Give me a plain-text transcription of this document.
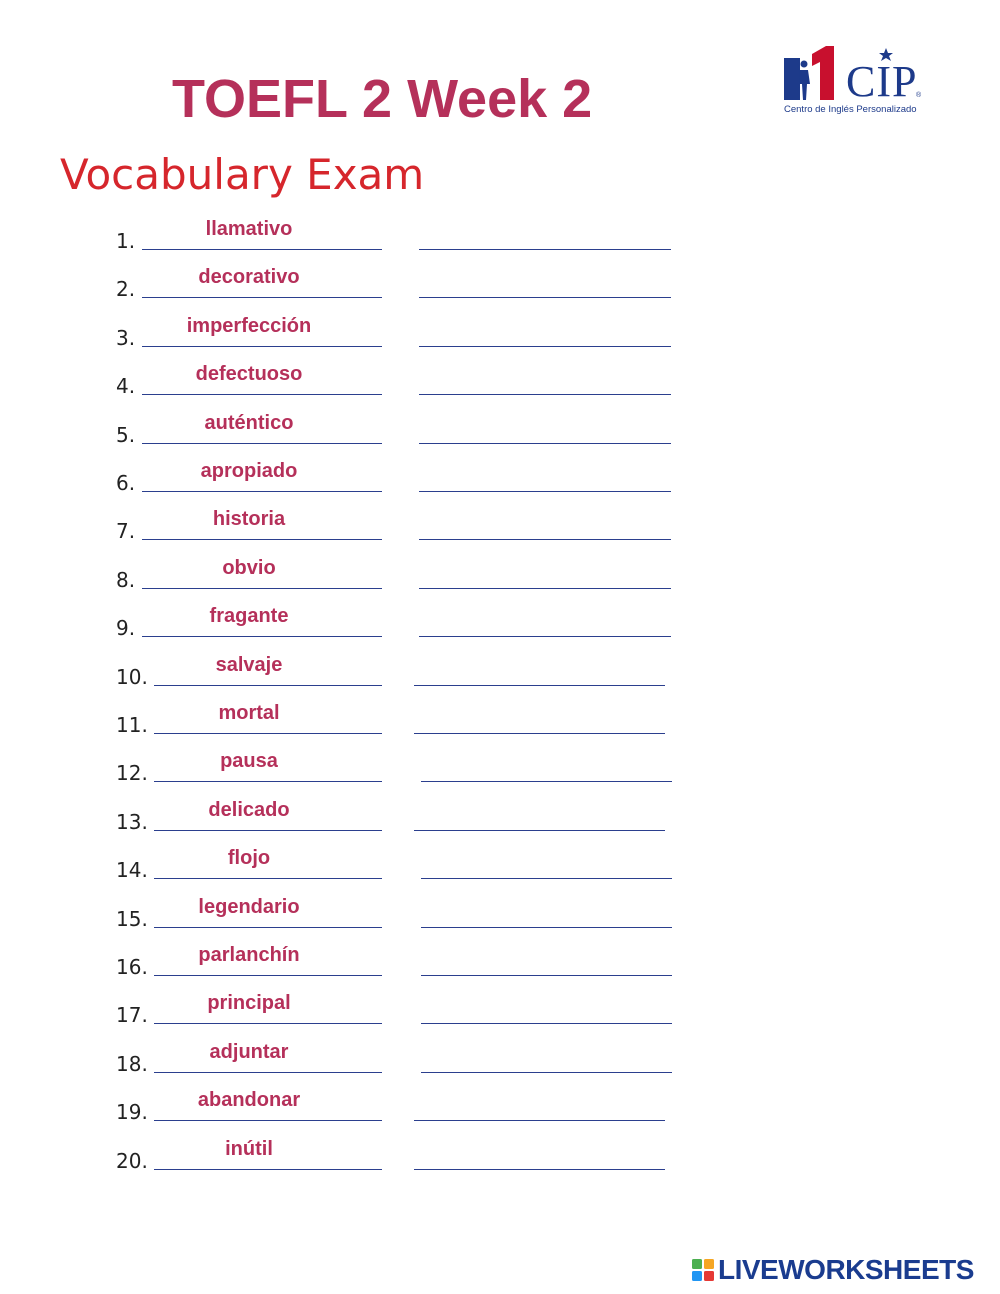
TOEFL 2 Week 2
Vocabulary Exam
CIP
®
Centro de Inglés Personalizado
1.	llamativo
2.	decorativo
3.	imperfección
4.	defectuoso
5.	auténtico
6.	apropiado
7.	historia
8.	obvio
9.	fragante
10.	salvaje
11.	mortal
12.	pausa
13.	delicado
14.	flojo
15.	legendario
16.	parlanchín
17.	principal
18.	adjuntar
19.	abandonar
20.	inútil
LIVEWORKSHEETS
